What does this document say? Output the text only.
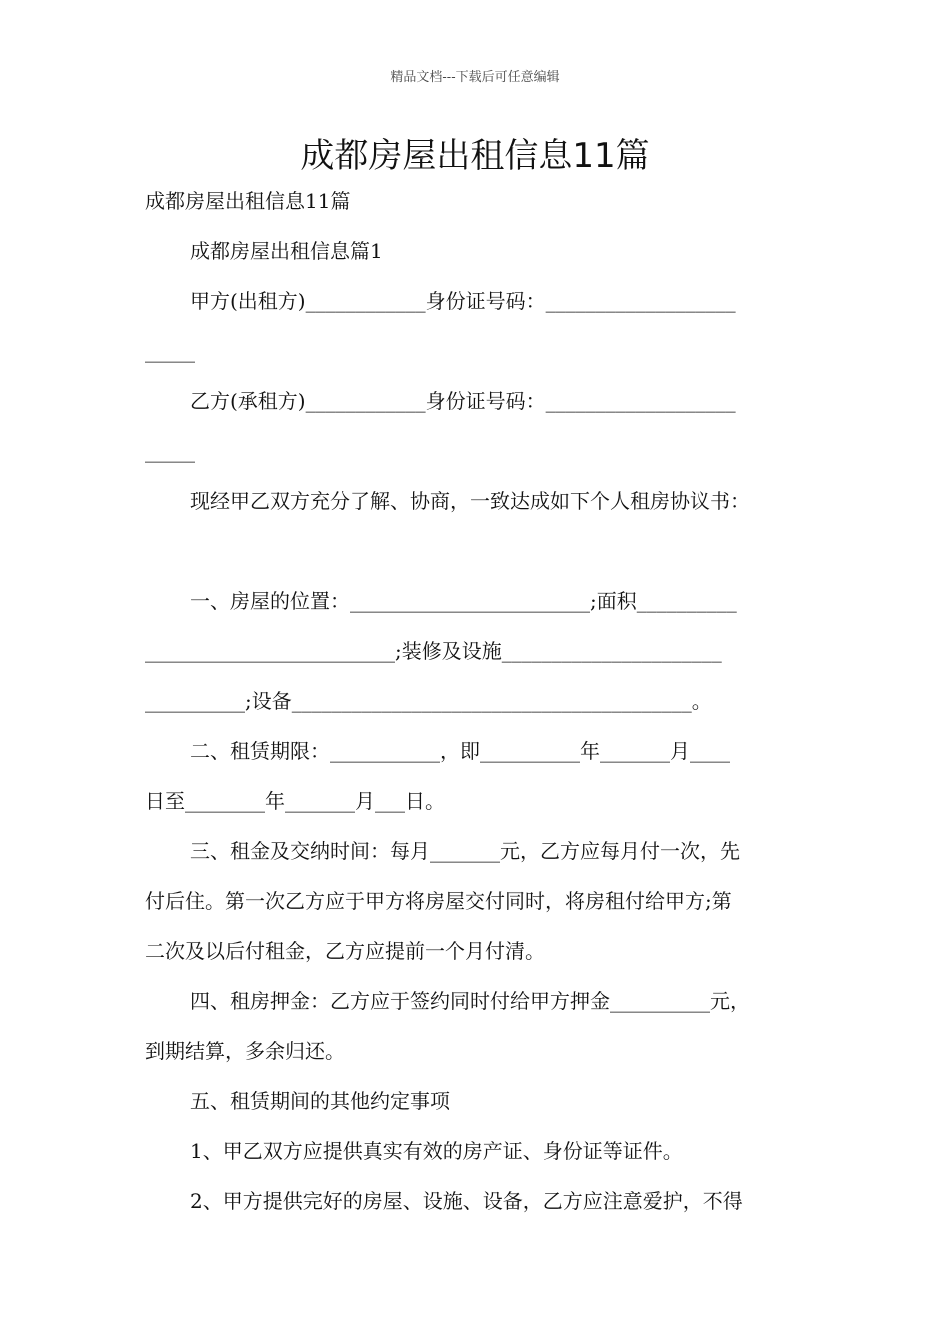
精品文档---下载后可任意编辑
成都房屋出租信息11篇
成都房屋出租信息11篇
成都房屋出租信息篇1
甲方(出租方)____________身份证号码：___________________
_____
乙方(承租方)____________身份证号码：___________________
_____
现经甲乙双方充分了解、协商，一致达成如下个人租房协议书：
一、房屋的位置：________________________;面积__________
_________________________;装修及设施______________________
__________;设备________________________________________。
二、租赁期限：___________，即__________年_______月____
日至________年_______月___日。
三、租金及交纳时间：每月_______元，乙方应每月付一次，先
付后住。第一次乙方应于甲方将房屋交付同时，将房租付给甲方;第
二次及以后付租金，乙方应提前一个月付清。
四、租房押金：乙方应于签约同时付给甲方押金__________元，
到期结算，多余归还。
五、租赁期间的其他约定事项
1、甲乙双方应提供真实有效的房产证、身份证等证件。
2、甲方提供完好的房屋、设施、设备，乙方应注意爱护，不得
